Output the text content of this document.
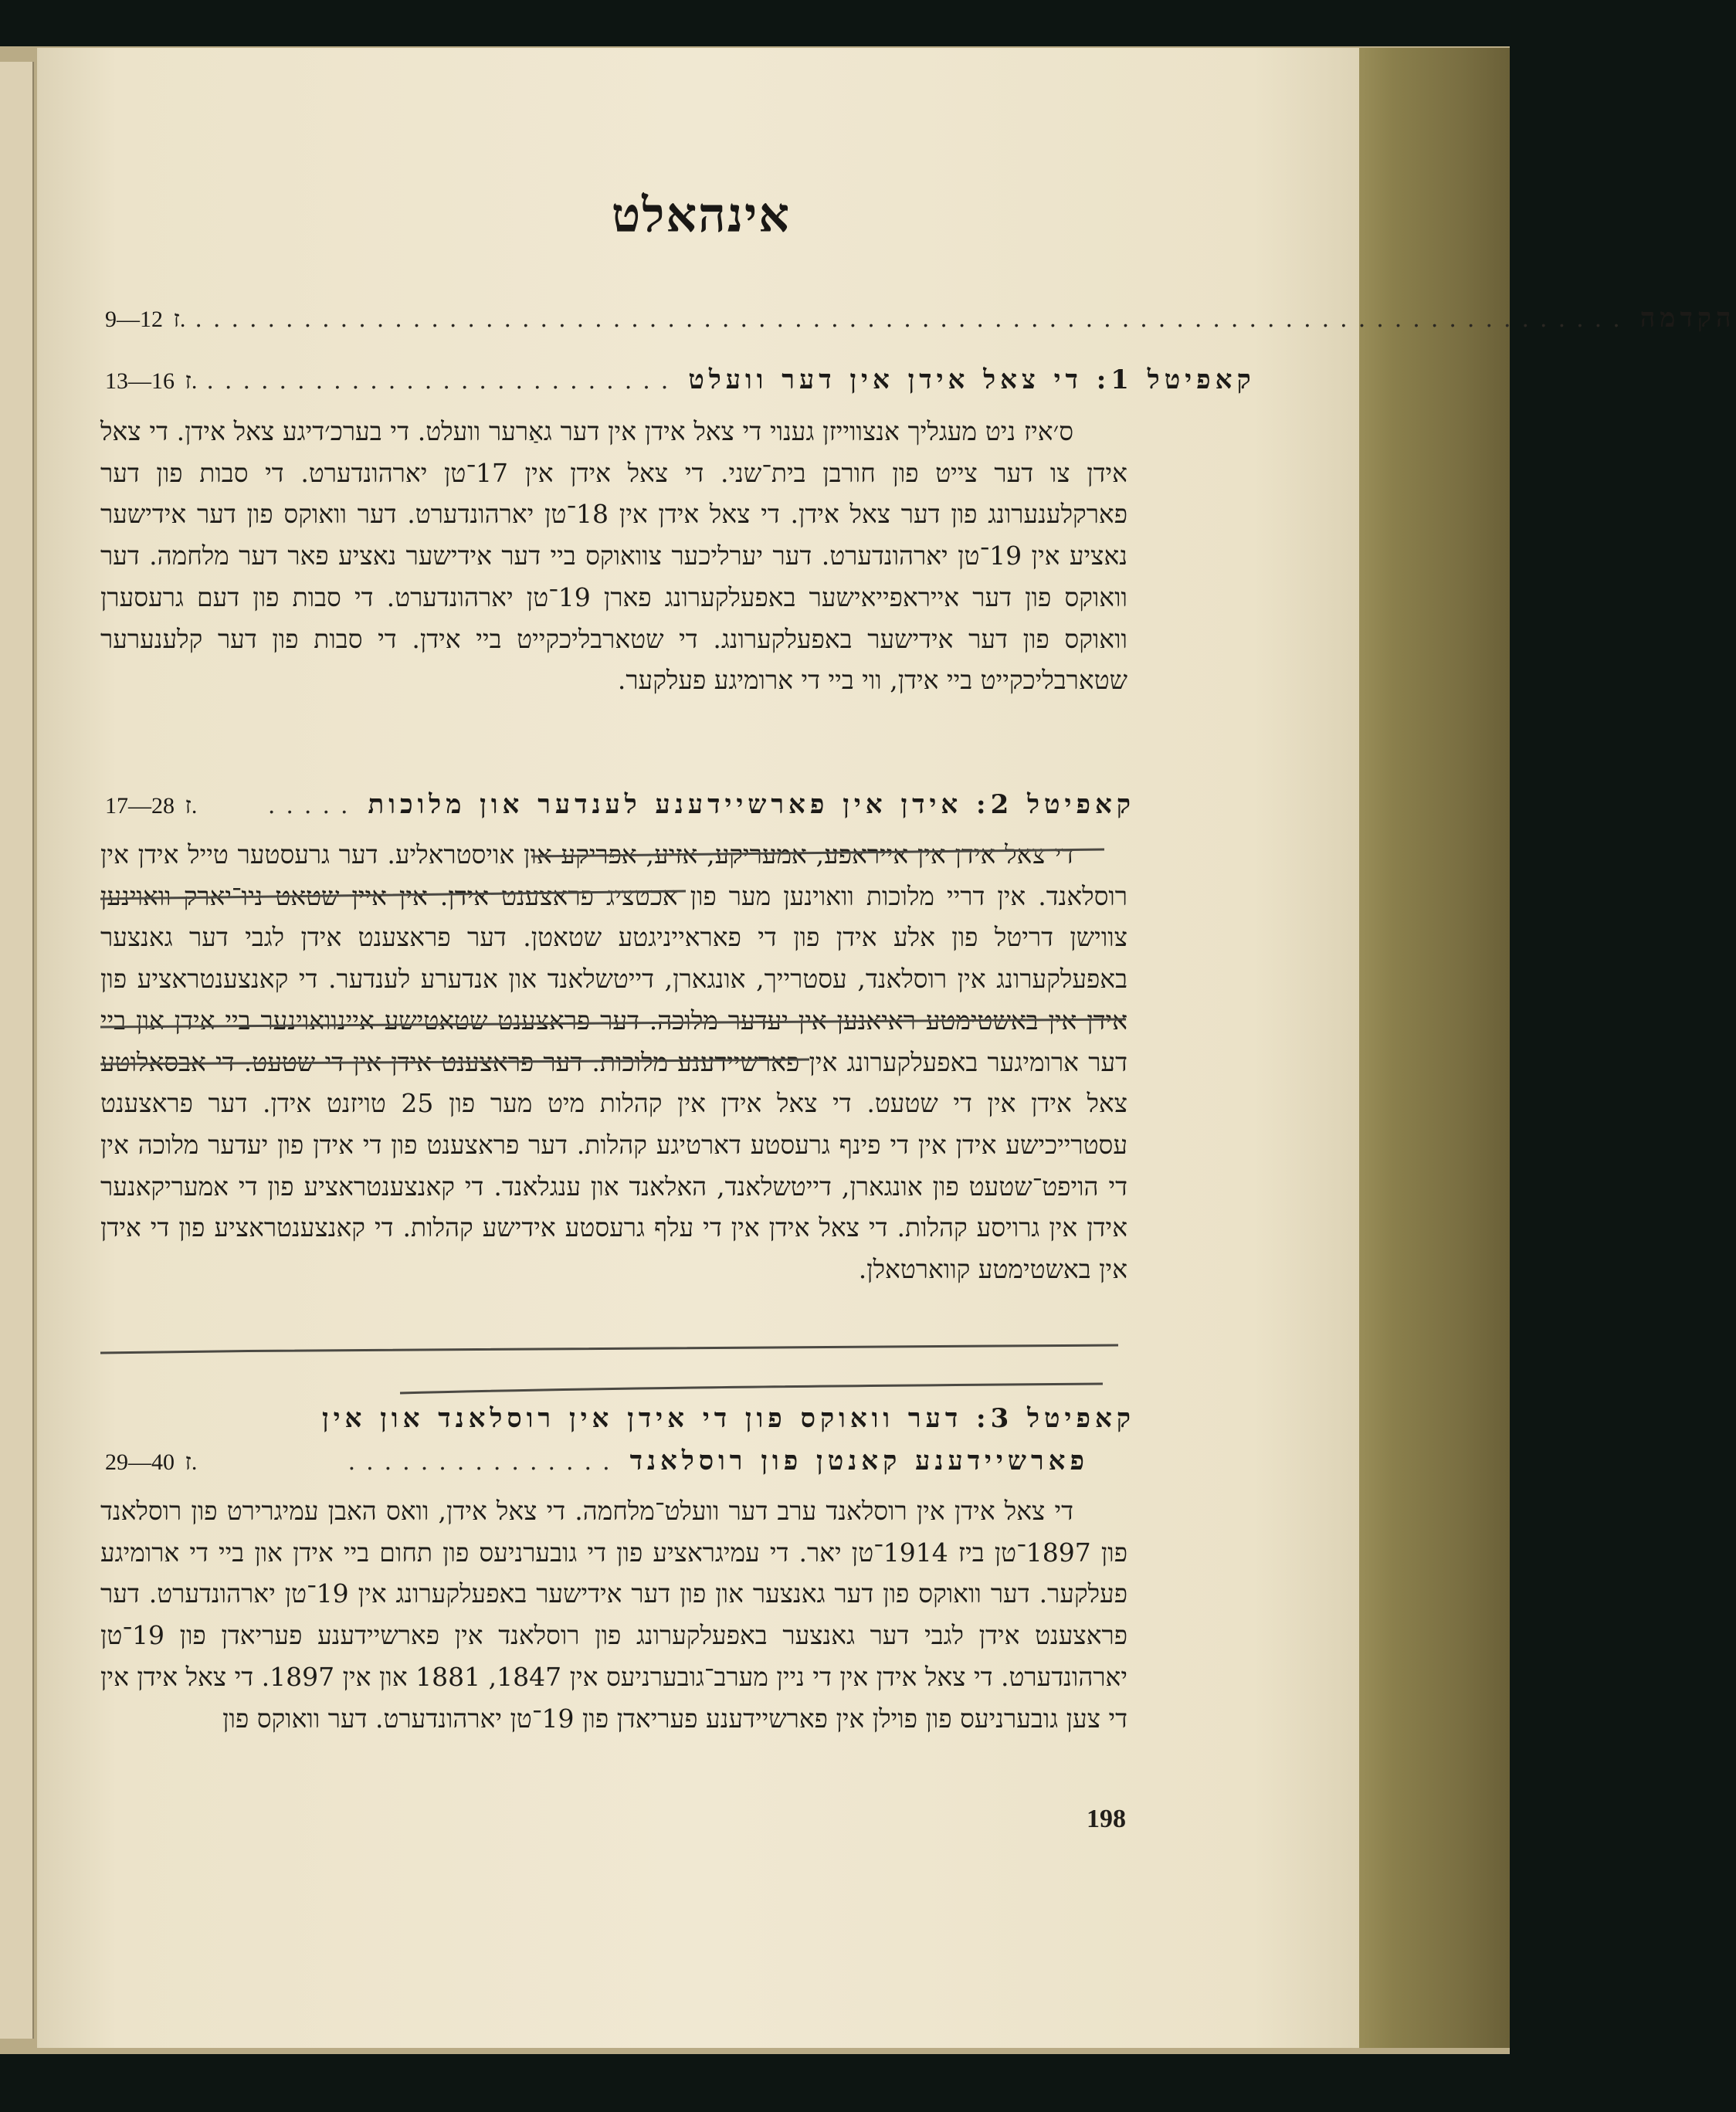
אינהאלט
9—12 ז. ............................................................................... הקדמה
13—16 ז. .......................... קאפיטל 1: די צאל אידן אין דער וועלט
ס׳איז ניט מעגליך אנצווייזן גענוי די צאל אידן אין דער גאַרער וועלט. די בערכ׳דיגע צאל אידן. די צאל אידן צו דער צייט פון חורבן בית־שני. די צאל אידן אין 17־טן יארהונדערט. די סבות פון דער פארקלענערונג פון דער צאל אידן. די צאל אידן אין 18־טן יארהונדערט. דער וואוקס פון דער אידישער נאציע אין 19־טן יארהונדערט. דער יערליכער צוואוקס ביי דער אידישער נאציע פאר דער מלחמה. דער וואוקס פון דער אייראפייאישער באפעלקערונג פארן 19־טן יארהונדערט. די סבות פון דעם גרעסערן וואוקס פון דער אידישער באפעלקערונג. די שטארבליכקייט ביי אידן. די סבות פון דער קלענערער שטארבליכקייט ביי אידן, ווי ביי די ארומיגע פעלקער.
17—28 ז.	..... קאפיטל 2: אידן אין פארשיידענע לענדער און מלוכות
די צאל אידן אין אייראפע, אמעריקע, אזיע, אפריקע און אויסטראליע. דער גרעסטער טייל אידן אין רוסלאנד. אין דריי מלוכות וואוינען מער פון אכטציג פראצענט אידן. אין איין שטאט ניו־יארק וואוינען צווישן דריטל פון אלע אידן פון די פאראייניגטע שטאטן. דער פראצענט אידן לגבי דער גאנצער באפעלקערונג אין רוסלאנד, עסטרייך, אונגארן, דייטשלאנד און אנדערע לענדער. די קאנצענטראציע פון אידן אין באשטימטע ראיאנען אין יעדער מלוכה. דער פראצענט שטאטישע איינוואוינער ביי אידן און ביי דער ארומיגער באפעלקערונג אין פארשיידענע מלוכות. דער פראצענט אידן אין די שטעט. די אבסאלוטע צאל אידן אין די שטעט. די צאל אידן אין קהלות מיט מער פון 25 טויזנט אידן. דער פראצענט עסטרייכישע אידן אין די פינף גרעסטע דארטיגע קהלות. דער פראצענט פון די אידן פון יעדער מלוכה אין די הויפט־שטעט פון אונגארן, דייטשלאנד, האלאנד און ענגלאנד. די קאנצענטראציע פון די אמעריקאנער אידן אין גרויסע קהלות. די צאל אידן אין די עלף גרעסטע אידישע קהלות. די קאנצענטראציע פון די אידן אין באשטימטע קווארטאלן.
קאפיטל 3: דער וואוקס פון די אידן אין רוסלאנד און אין
29—40 ז.	............... פארשיידענע קאנטן פון רוסלאנד
די צאל אידן אין רוסלאנד ערב דער וועלט־מלחמה. די צאל אידן, וואס האבן עמיגרירט פון רוסלאנד פון 1897־טן ביז 1914־טן יאר. די עמיגראציע פון די גובערניעס פון תחום ביי אידן און ביי די ארומיגע פעלקער. דער וואוקס פון דער גאנצער און פון דער אידישער באפעלקערונג אין 19־טן יארהונדערט. דער פראצענט אידן לגבי דער גאנצער באפעלקערונג פון רוסלאנד אין פארשיידענע פעריאדן פון 19־טן יארהונדערט. די צאל אידן אין די ניין מערב־גובערניעס אין 1847, 1881 און אין 1897. די צאל אידן אין די צען גובערניעס פון פוילן אין פארשיידענע פעריאדן פון 19־טן יארהונדערט. דער וואוקס פון
198
